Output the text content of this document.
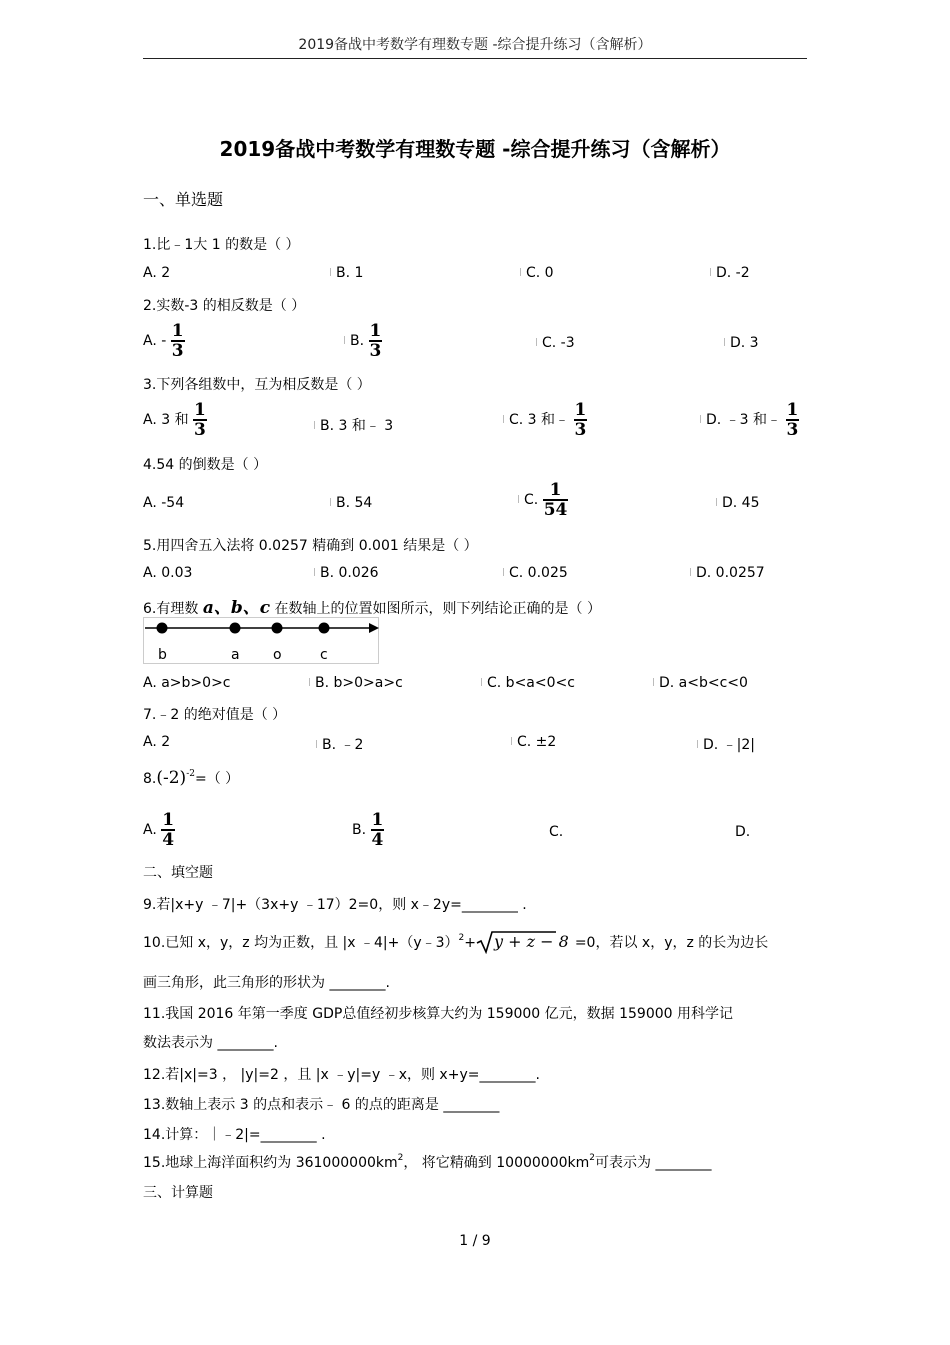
2019备战中考数学有理数专题 -综合提升练习（含解析）
2019备战中考数学有理数专题 -综合提升练习（含解析）
一、单选题
1.比﹣1大 1 的数是（ ）
A. 2	B. 1	C. 0	D. -2
2.实数-3 的相反数是（ ）
A. - $\frac{1}{3}$	B. $\frac{1}{3}$	C. -3	D. 3
3.下列各组数中，互为相反数是（ ）
A. 3 和 $\frac{1}{3}$	B. 3 和﹣ 3	C. 3 和﹣ $\frac{1}{3}$	D. ﹣3 和﹣ $\frac{1}{3}$
4.54 的倒数是（ ）
A. -54	B. 54	C. $\frac{1}{54}$	D. 45
5.用四舍五入法将 0.0257 精确到 0.001 结果是（ ）
A. 0.03	B. 0.026	C. 0.025	D. 0.0257
6.有理数 a、b、c 在数轴上的位置如图所示，则下列结论正确的是（ ）
b	a o	c
A. a>b>0>c	B. b>0>a>c	C. b<a<0<c	D. a<b<c<0
7.﹣2 的绝对值是（ ）
A. 2	B. ﹣2	C. ±2	D. ﹣|2|
$8.(-2)^{-2}=$（ ）
A. $\frac{1}{4}$	B. $\frac{1}{4}$	C.	D.
二、填空题
9.若|x+y ﹣7|+（3x+y ﹣17）2=0，则 x﹣2y=________ .
10.已知 x，y，z 均为正数，且 |x ﹣4|+（y﹣3）$^2$+ y + z − 8 =0，若以 x，y，z 的长为边长
画三角形，此三角形的形状为 ________.
11.我国 2016 年第一季度 GDP总值经初步核算大约为 159000 亿元，数据 159000 用科学记
数法表示为 ________.
12.若|x|=3 ， |y|=2 ，且 |x ﹣y|=y ﹣x，则 x+y=________.
13.数轴上表示 3 的点和表示﹣ 6 的点的距离是 ________
14.计算：｜﹣2|=________ .
15.地球上海洋面积约为 $361000000km^2$， 将它精确到 $10000000km^2$可表示为 ________
三、计算题
1 / 9
